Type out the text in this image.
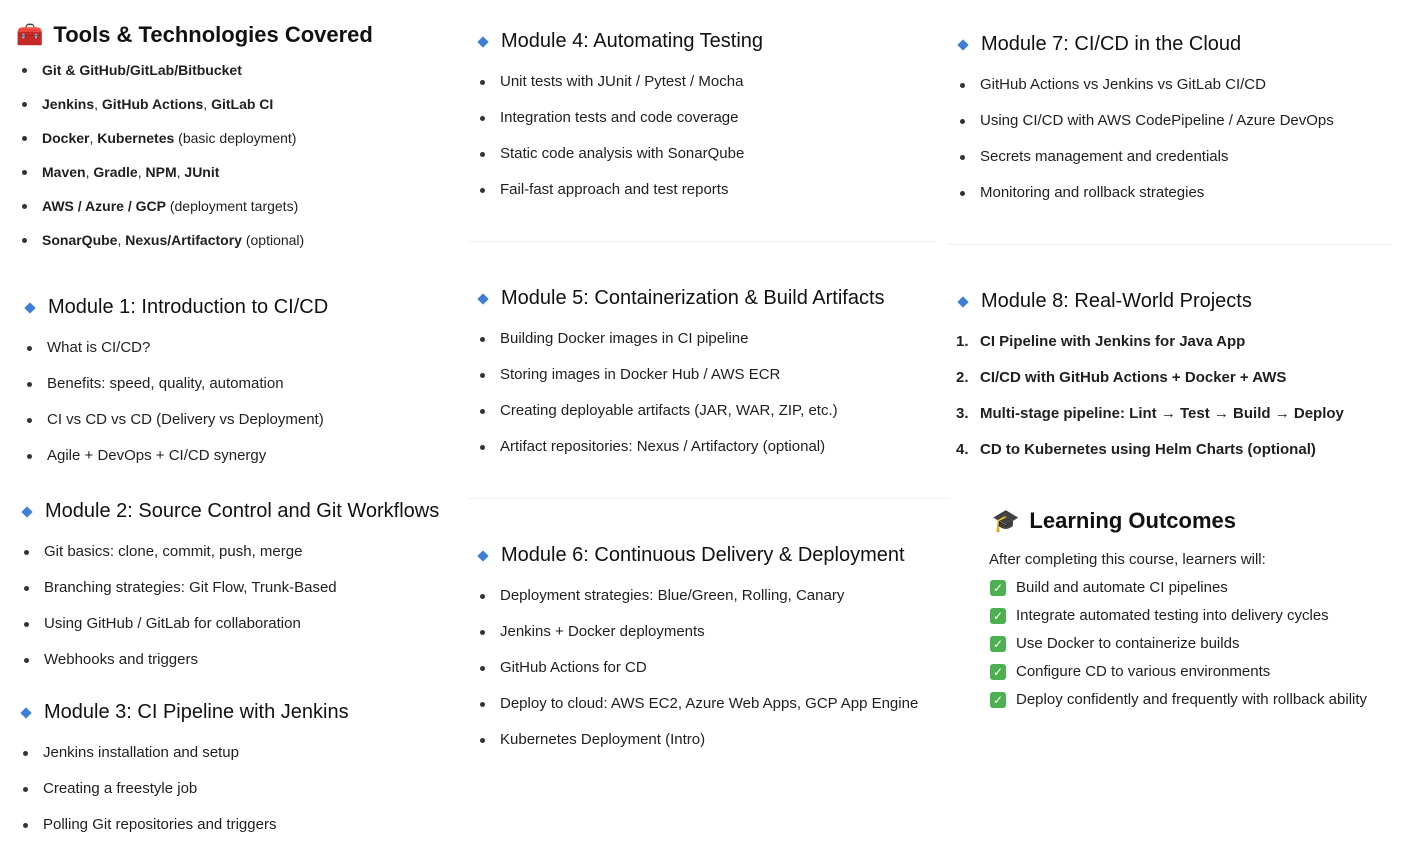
🧰 Tools & Technologies Covered
Git & GitHub/GitLab/Bitbucket
Jenkins, GitHub Actions, GitLab CI
Docker, Kubernetes (basic deployment)
Maven, Gradle, NPM, JUnit
AWS / Azure / GCP (deployment targets)
SonarQube, Nexus/Artifactory (optional)
Module 1: Introduction to CI/CD
What is CI/CD?
Benefits: speed, quality, automation
CI vs CD vs CD (Delivery vs Deployment)
Agile + DevOps + CI/CD synergy
Module 2: Source Control and Git Workflows
Git basics: clone, commit, push, merge
Branching strategies: Git Flow, Trunk-Based
Using GitHub / GitLab for collaboration
Webhooks and triggers
Module 3: CI Pipeline with Jenkins
Jenkins installation and setup
Creating a freestyle job
Polling Git repositories and triggers
Module 4: Automating Testing
Unit tests with JUnit / Pytest / Mocha
Integration tests and code coverage
Static code analysis with SonarQube
Fail-fast approach and test reports
Module 5: Containerization & Build Artifacts
Building Docker images in CI pipeline
Storing images in Docker Hub / AWS ECR
Creating deployable artifacts (JAR, WAR, ZIP, etc.)
Artifact repositories: Nexus / Artifactory (optional)
Module 6: Continuous Delivery & Deployment
Deployment strategies: Blue/Green, Rolling, Canary
Jenkins + Docker deployments
GitHub Actions for CD
Deploy to cloud: AWS EC2, Azure Web Apps, GCP App Engine
Kubernetes Deployment (Intro)
Module 7: CI/CD in the Cloud
GitHub Actions vs Jenkins vs GitLab CI/CD
Using CI/CD with AWS CodePipeline / Azure DevOps
Secrets management and credentials
Monitoring and rollback strategies
Module 8: Real-World Projects
1. CI Pipeline with Jenkins for Java App
2. CI/CD with GitHub Actions + Docker + AWS
3. Multi-stage pipeline: Lint → Test → Build → Deploy
4. CD to Kubernetes using Helm Charts (optional)
🎓 Learning Outcomes
After completing this course, learners will:
✓ Build and automate CI pipelines
✓ Integrate automated testing into delivery cycles
✓ Use Docker to containerize builds
✓ Configure CD to various environments
✓ Deploy confidently and frequently with rollback ability
